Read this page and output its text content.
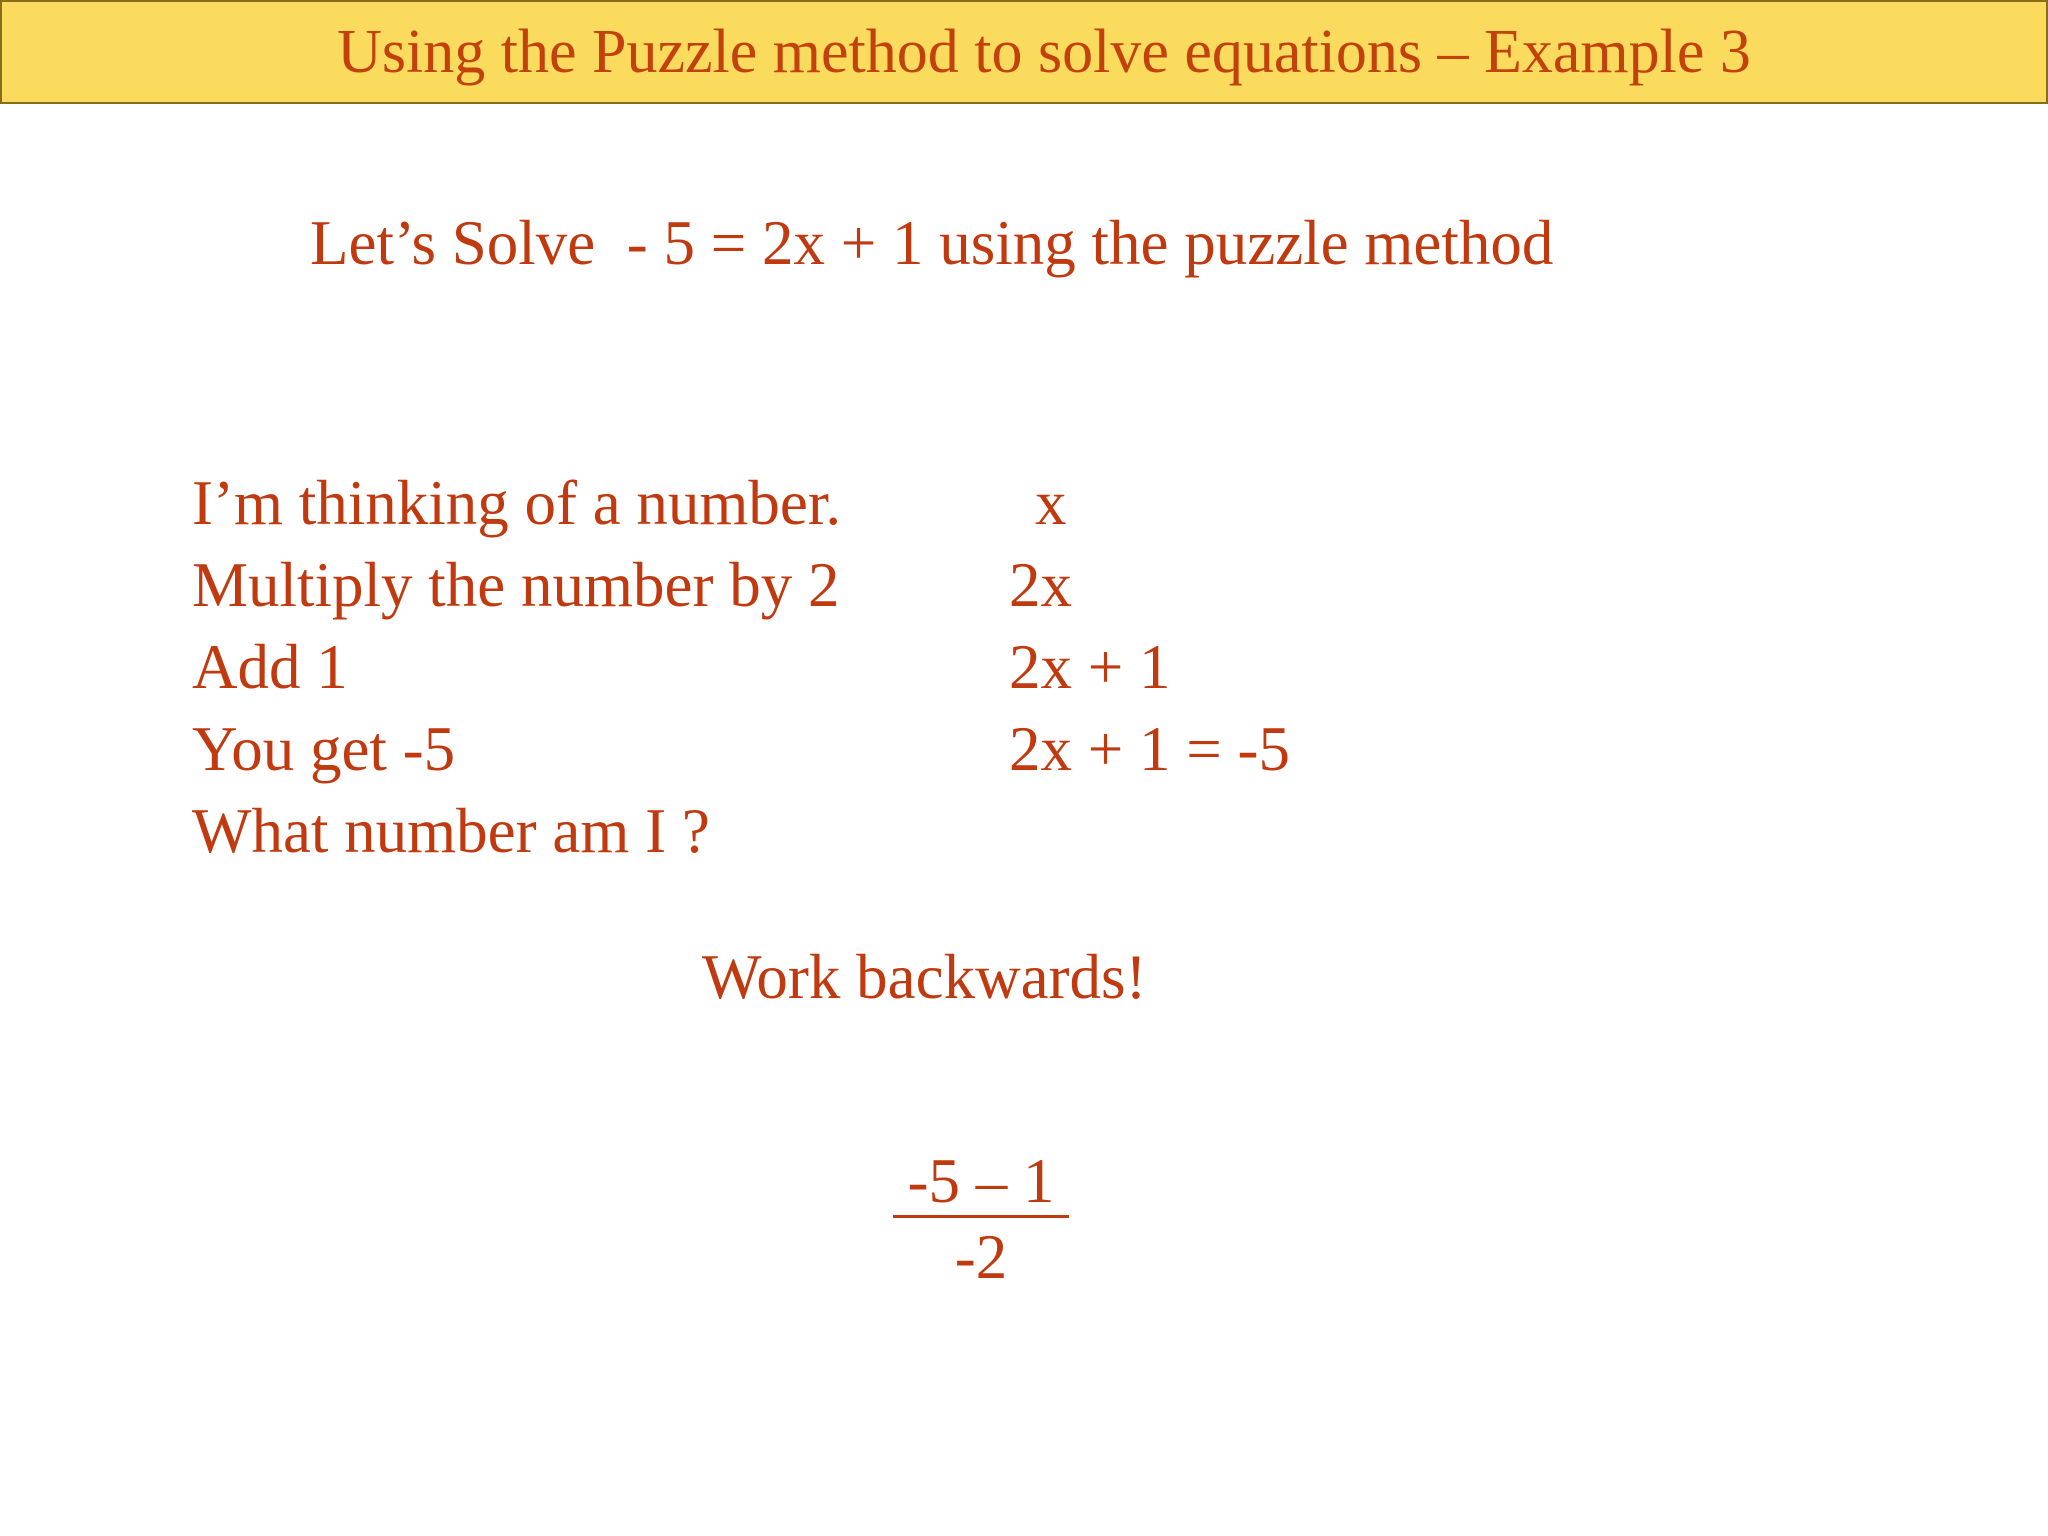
Using the Puzzle method to solve equations – Example 3
Let’s Solve  - 5 = 2x + 1 using the puzzle method
I’m thinking of a number.	x
Multiply the number by 2	2x
Add 1	2x + 1
You get -5	2x + 1 = -5
What number am I ?
Work backwards!
$\frac{-5 - 1}{-2}$
